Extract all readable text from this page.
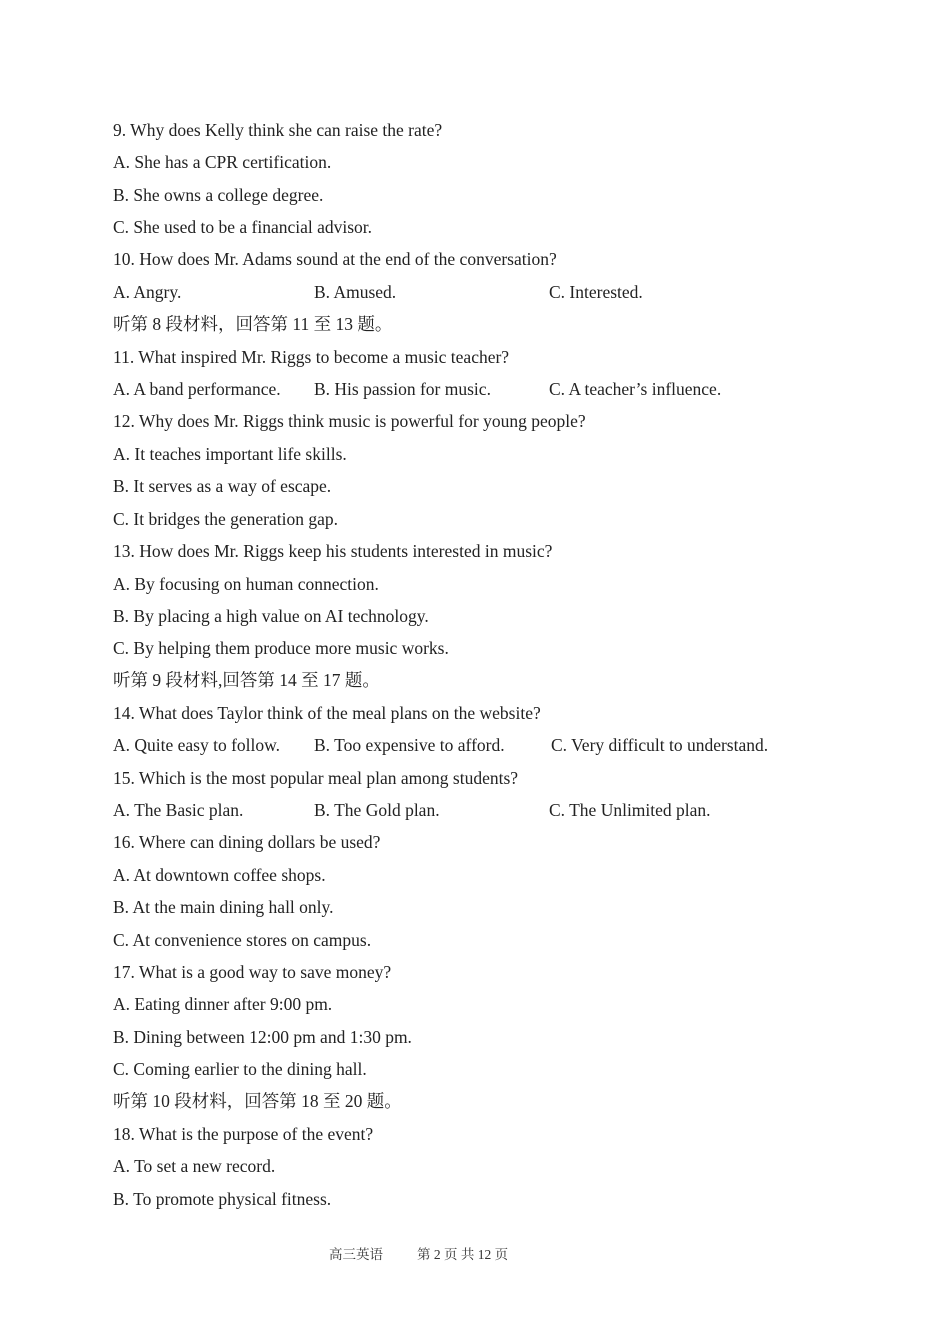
9. Why does Kelly think she can raise the rate?
A. She has a CPR certification.
B. She owns a college degree.
C. She used to be a financial advisor.
10. How does Mr. Adams sound at the end of the conversation?
A. Angry.	B. Amused.	C. Interested.
听第 8 段材料，回答第 11 至 13 题。
11. What inspired Mr. Riggs to become a music teacher?
A. A band performance. B. His passion for music.	C. A teacher’s influence.
12. Why does Mr. Riggs think music is powerful for young people?
A. It teaches important life skills.
B. It serves as a way of escape.
C. It bridges the generation gap.
13. How does Mr. Riggs keep his students interested in music?
A. By focusing on human connection.
B. By placing a high value on AI technology.
C. By helping them produce more music works.
听第 9 段材料,回答第 14 至 17 题。
14. What does Taylor think of the meal plans on the website?
A. Quite easy to follow. B. Too expensive to afford.	C. Very difficult to understand.
15. Which is the most popular meal plan among students?
A. The Basic plan.	B. The Gold plan.	C. The Unlimited plan.
16. Where can dining dollars be used?
A. At downtown coffee shops.
B. At the main dining hall only.
C. At convenience stores on campus.
17. What is a good way to save money?
A. Eating dinner after 9:00 pm.
B. Dining between 12:00 pm and 1:30 pm.
C. Coming earlier to the dining hall.
听第 10 段材料，回答第 18 至 20 题。
18. What is the purpose of the event?
A. To set a new record.
B. To promote physical fitness.
高三英语	第 2 页 共 12 页
